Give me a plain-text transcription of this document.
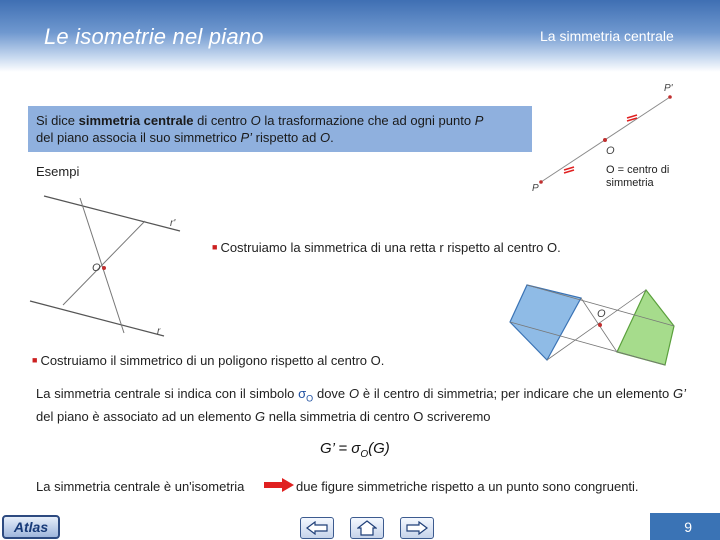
Le isometrie nel piano	La simmetria centrale
Si dice simmetria centrale di centro O la trasformazione che ad ogni punto P
del piano associa il suo simmetrico P’ rispetto ad O.
Esempi
P'
O
P
r'
O
r
O
O = centro di simmetria
■ Costruiamo la simmetrica di una retta r rispetto al centro O.
■ Costruiamo il simmetrico di un poligono rispetto al centro O.
La simmetria centrale si indica con il simbolo $\sigma_O$ dove O è il centro di simmetria; per indicare che un elemento G’ del piano è associato ad un elemento G nella simmetria di centro O scriveremo
G’ = $\sigma_O(G)$
La simmetria centrale è un'isometria	due figure simmetriche rispetto a un punto sono congruenti.
Atlas	9
